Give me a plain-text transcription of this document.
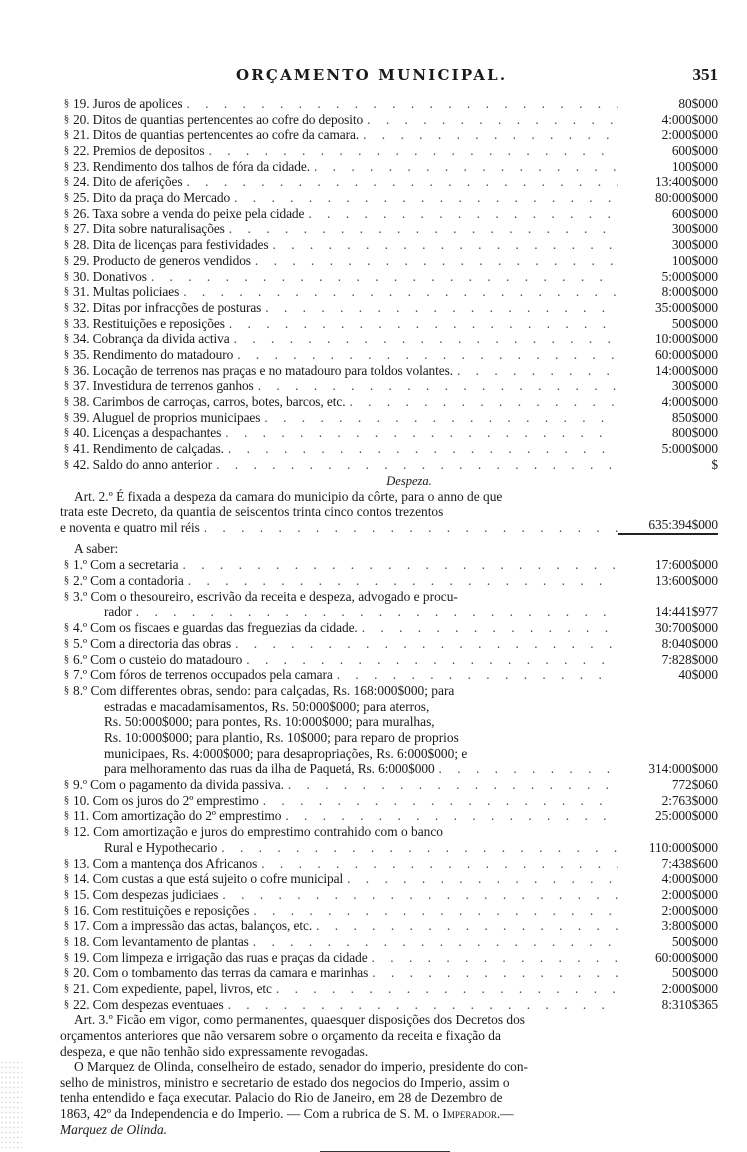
ORÇAMENTO MUNICIPAL.	351
§ 19. Juros de apolices . . .	80$000
§ 20. Ditos de quantias pertencentes ao cofre do deposito . . .	4:000$000
§ 21. Ditos de quantias pertencentes ao cofre da camara. . . .	2:000$000
§ 22. Premios de depositos . . .	600$000
§ 23. Rendimento dos talhos de fóra da cidade. . . .	100$000
§ 24. Dito de aferições . . .	13:400$000
§ 25. Dito da praça do Mercado . . .	80:000$000
§ 26. Taxa sobre a venda do peixe pela cidade . . .	600$000
§ 27. Dita sobre naturalisações . . .	300$000
§ 28. Dita de licenças para festividades . . .	300$000
§ 29. Producto de generos vendidos . . .	100$000
§ 30. Donativos . . .	5:000$000
§ 31. Multas policiaes . . .	8:000$000
§ 32. Ditas por infracções de posturas . . .	35:000$000
§ 33. Restituições e reposições . . .	500$000
§ 34. Cobrança da divida activa . . .	10:000$000
§ 35. Rendimento do matadouro . . .	60:000$000
§ 36. Locação de terrenos nas praças e no matadouro para toldos volantes. . . .	14:000$000
§ 37. Investidura de terrenos ganhos . . .	300$000
§ 38. Carimbos de carroças, carros, botes, barcos, etc. . . .	4:000$000
§ 39. Aluguel de proprios municipaes . . .	850$000
§ 40. Licenças a despachantes . . .	800$000
§ 41. Rendimento de calçadas. . . .	5:000$000
§ 42. Saldo do anno anterior . . .	$
Despeza.
Art. 2.º É fixada a despeza da camara do municipio da côrte, para o anno de que
trata este Decreto, da quantia de seiscentos trinta cinco contos trezentos
e noventa e quatro mil réis . . .	635:394$000
A saber:
§ 1.º Com a secretaria . . .	17:600$000
§ 2.º Com a contadoria . . .	13:600$000
§ 3.º Com o thesoureiro, escrivão da receita e despeza, advogado e procu-
rador . . .	14:441$977
§ 4.º Com os fiscaes e guardas das freguezias da cidade. . . .	30:700$000
§ 5.º Com a directoria das obras . . .	8:040$000
§ 6.º Com o custeio do matadouro . . .	7:828$000
§ 7.º Com fóros de terrenos occupados pela camara . . .	40$000
§ 8.º Com differentes obras, sendo: para calçadas, Rs. 168:000$000; para
estradas e macadamisamentos, Rs. 50:000$000; para aterros,
Rs. 50:000$000; para pontes, Rs. 10:000$000; para muralhas,
Rs. 10:000$000; para plantio, Rs. 10$000; para reparo de proprios
municipaes, Rs. 4:000$000; para desapropriações, Rs. 6:000$000; e
para melhoramento das ruas da ilha de Paquetá, Rs. 6:000$000 . . .	314:000$000
§ 9.º Com o pagamento da divida passiva. . . .	772$060
§ 10. Com os juros do 2º emprestimo . . .	2:763$000
§ 11. Com amortização do 2º emprestimo . . .	25:000$000
§ 12. Com amortização e juros do emprestimo contrahido com o banco
Rural e Hypothecario . . .	110:000$000
§ 13. Com a mantença dos Africanos . . .	7:438$600
§ 14. Com custas a que está sujeito o cofre municipal . . .	4:000$000
§ 15. Com despezas judiciaes . . .	2:000$000
§ 16. Com restituições e reposições . . .	2:000$000
§ 17. Com a impressão das actas, balanços, etc. . . .	3:800$000
§ 18. Com levantamento de plantas . . .	500$000
§ 19. Com limpeza e irrigação das ruas e praças da cidade . . .	60:000$000
§ 20. Com o tombamento das terras da camara e marinhas . . .	500$000
§ 21. Com expediente, papel, livros, etc . . .	2:000$000
§ 22. Com despezas eventuaes . . .	8:310$365
Art. 3.º Ficão em vigor, como permanentes, quaesquer disposições dos Decretos dos
orçamentos anteriores que não versarem sobre o orçamento da receita e fixação da
despeza, e que não tenhão sido expressamente revogadas.
O Marquez de Olinda, conselheiro de estado, senador do imperio, presidente do con-
selho de ministros, ministro e secretario de estado dos negocios do Imperio, assim o
tenha entendido e faça executar. Palacio do Rio de Janeiro, em 28 de Dezembro de
1863, 42º da Independencia e do Imperio. — Com a rubrica de S. M. o Imperador.—
Marquez de Olinda.
